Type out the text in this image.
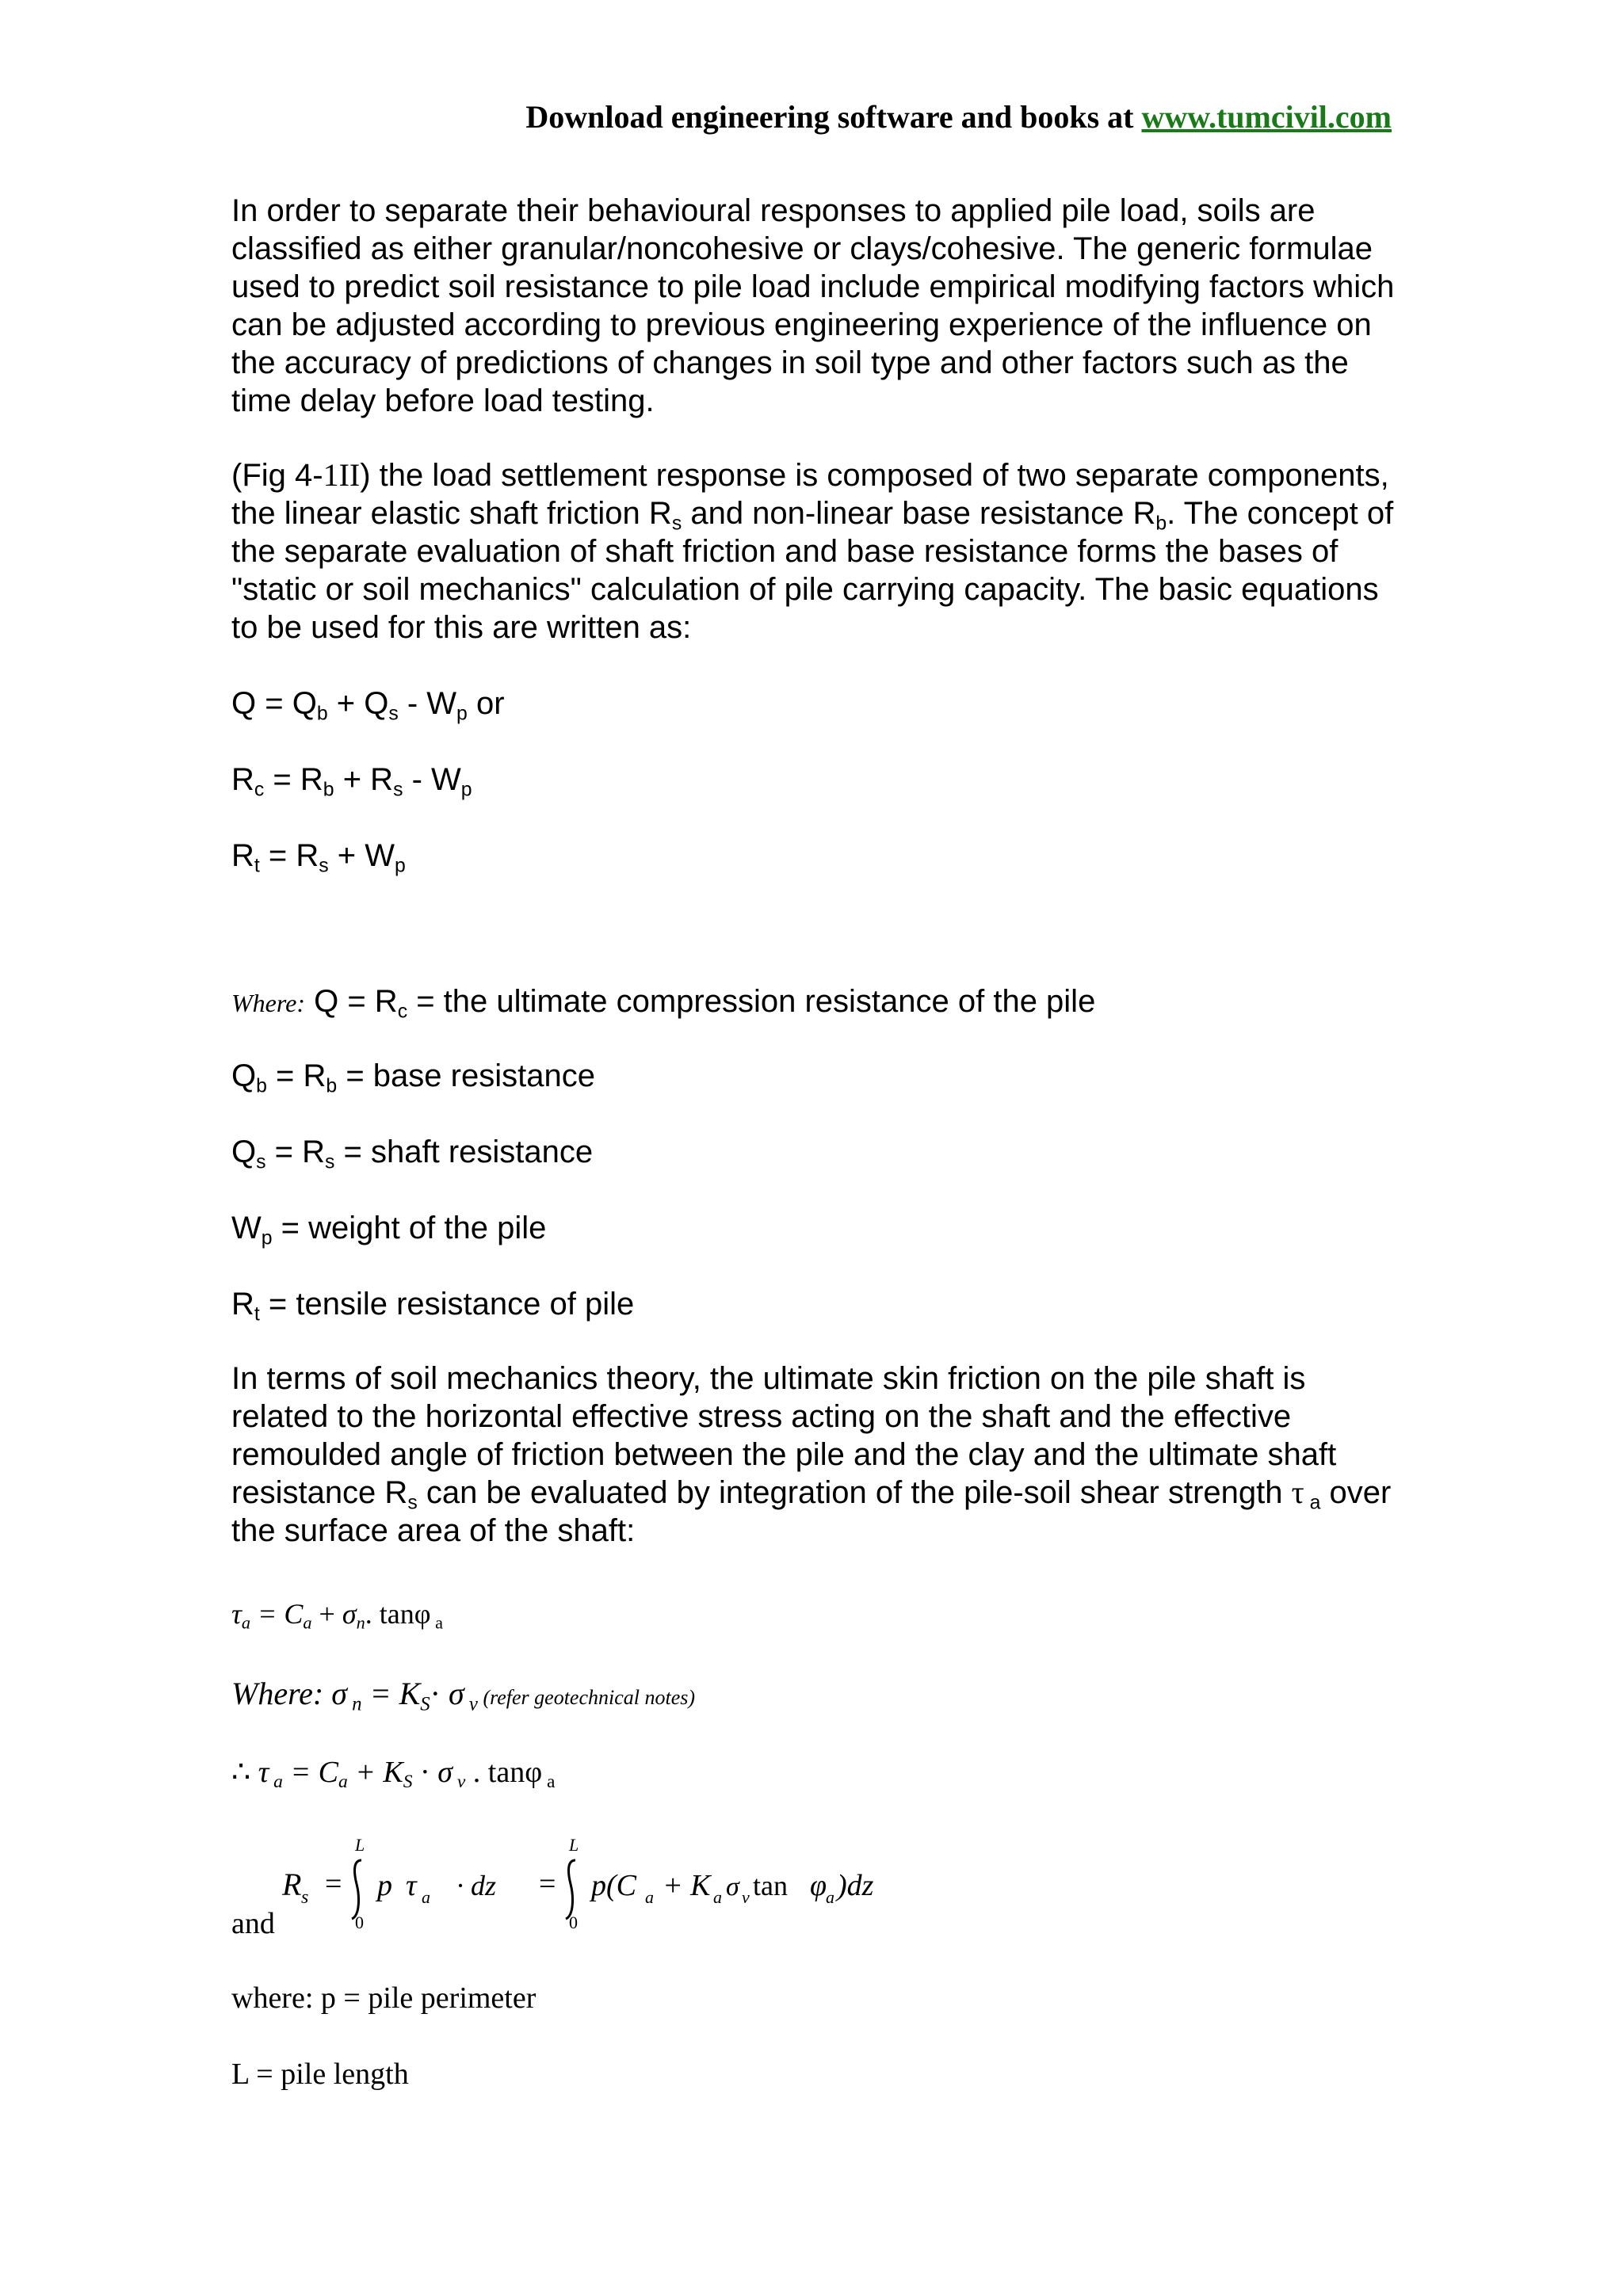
Download engineering software and books at www.tumcivil.com

In order to separate their behavioural responses to applied pile load, soils are classified as either granular/noncohesive or clays/cohesive. The generic formulae used to predict soil resistance to pile load include empirical modifying factors which can be adjusted according to previous engineering experience of the influence on the accuracy of predictions of changes in soil type and other factors such as the time delay before load testing.

(Fig 4-1II) the load settlement response is composed of two separate components, the linear elastic shaft friction $R_s$ and non-linear base resistance $R_b$. The concept of the separate evaluation of shaft friction and base resistance forms the bases of "static or soil mechanics" calculation of pile carrying capacity. The basic equations to be used for this are written as:

$Q = Q_b + Q_s - W_p$ or
$R_c = R_b + R_s - W_p$
$R_t = R_s + W_p$
Where: $Q = R_c$ = the ultimate compression resistance of the pile
$Q_b = R_b$ = base resistance
$Q_s = R_s$ = shaft resistance
$W_p$ = weight of the pile
$R_t$ = tensile resistance of pile

In terms of soil mechanics theory, the ultimate skin friction on the pile shaft is related to the horizontal effective stress acting on the shaft and the effective remoulded angle of friction between the pile and the clay and the ultimate shaft resistance $R_s$ can be evaluated by integration of the pile-soil shear strength τ $_a$ over the surface area of the shaft:

$\tau_a = C_a + \sigma_n$. tanφ $_a$
Where: σ $_n = K_S\cdot \sigma$ $_v$ (refer geotechnical notes)
∴ τ $_a = C_a + K_S \cdot \sigma$ $_v$ . tanφ $_a$
R s =
L
0
p τ a · dz =
L
0
p(C a + K a σ v tan φ
a )dz
and
where: p = pile perimeter
L = pile length
